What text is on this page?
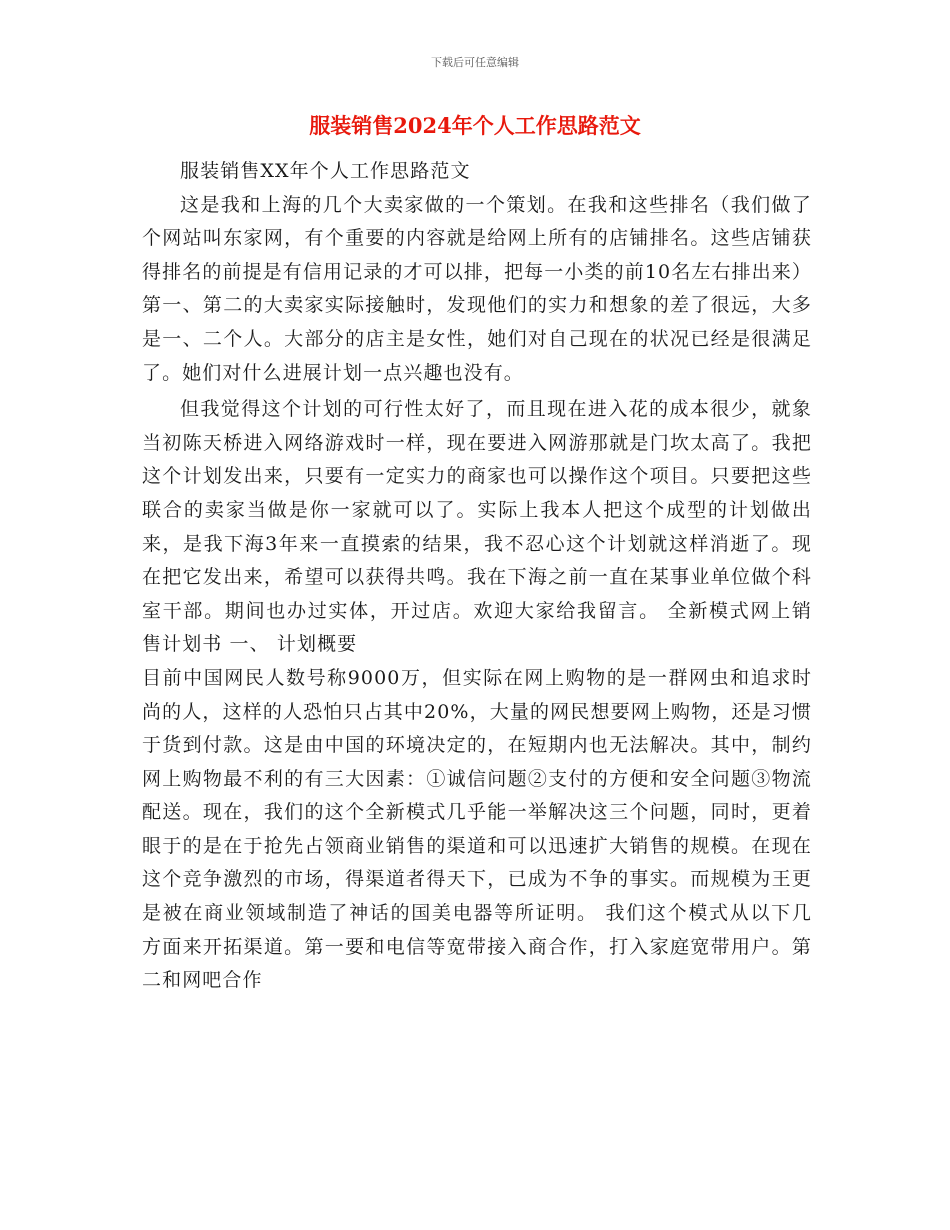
下载后可任意编辑
服装销售2024年个人工作思路范文

服装销售XX年个人工作思路范文

这是我和上海的几个大卖家做的一个策划。在我和这些排名（我们做了个网站叫东家网，有个重要的内容就是给网上所有的店铺排名。这些店铺获得排名的前提是有信用记录的才可以排，把每一小类的前10名左右排出来）第一、第二的大卖家实际接触时，发现他们的实力和想象的差了很远，大多是一、二个人。大部分的店主是女性，她们对自己现在的状况已经是很满足了。她们对什么进展计划一点兴趣也没有。

但我觉得这个计划的可行性太好了，而且现在进入花的成本很少，就象当初陈天桥进入网络游戏时一样，现在要进入网游那就是门坎太高了。我把这个计划发出来，只要有一定实力的商家也可以操作这个项目。只要把这些联合的卖家当做是你一家就可以了。实际上我本人把这个成型的计划做出来，是我下海3年来一直摸索的结果，我不忍心这个计划就这样消逝了。现在把它发出来，希望可以获得共鸣。我在下海之前一直在某事业单位做个科室干部。期间也办过实体，开过店。欢迎大家给我留言。 全新模式网上销售计划书 一、 计划概要

目前中国网民人数号称9000万，但实际在网上购物的是一群网虫和追求时尚的人，这样的人恐怕只占其中20%，大量的网民想要网上购物，还是习惯于货到付款。这是由中国的环境决定的，在短期内也无法解决。其中，制约网上购物最不利的有三大因素：①诚信问题②支付的方便和安全问题③物流配送。现在，我们的这个全新模式几乎能一举解决这三个问题，同时，更着眼于的是在于抢先占领商业销售的渠道和可以迅速扩大销售的规模。在现在这个竞争激烈的市场，得渠道者得天下，已成为不争的事实。而规模为王更是被在商业领域制造了神话的国美电器等所证明。 我们这个模式从以下几方面来开拓渠道。第一要和电信等宽带接入商合作，打入家庭宽带用户。第二和网吧合作
